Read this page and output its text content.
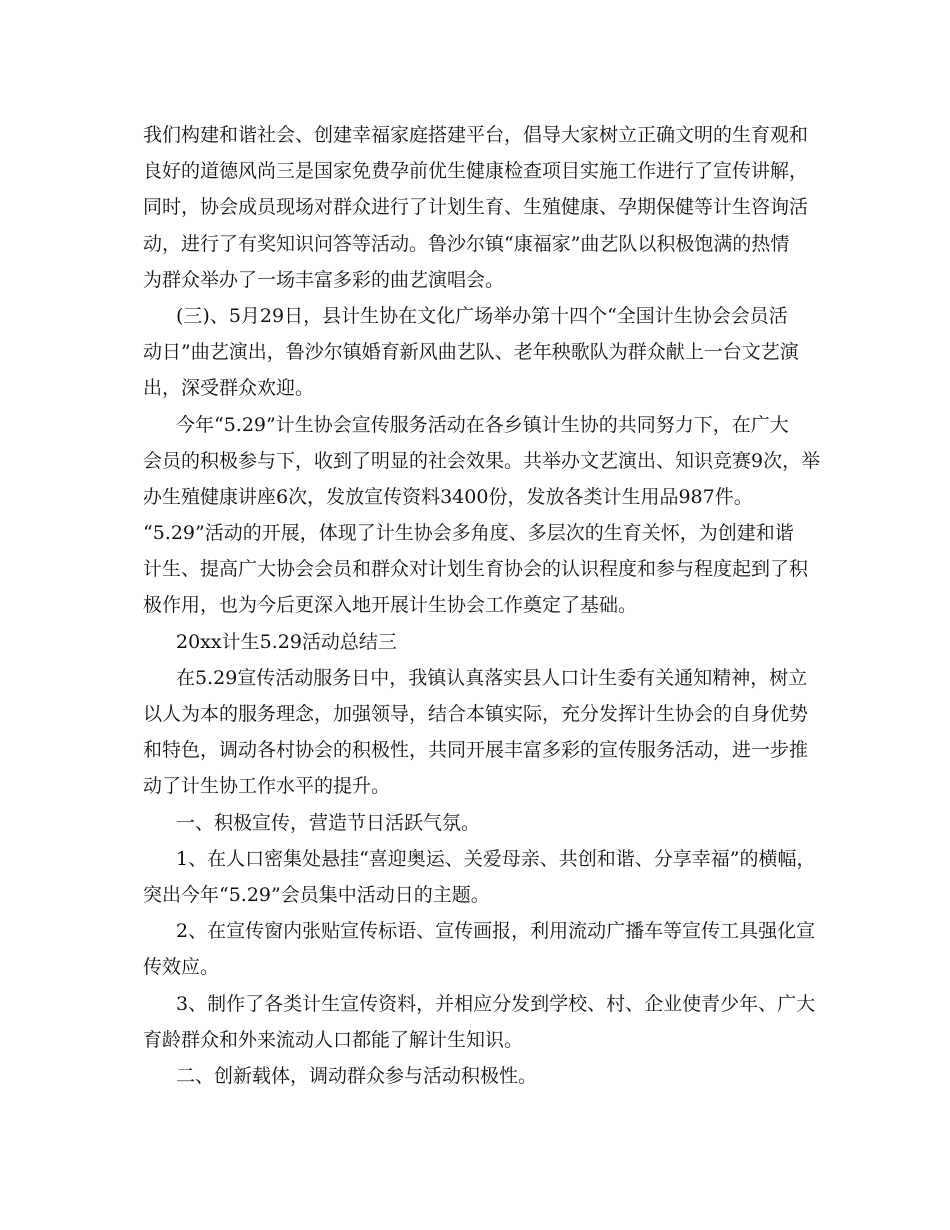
我们构建和谐社会、创建幸福家庭搭建平台，倡导大家树立正确文明的生育观和
良好的道德风尚三是国家免费孕前优生健康检查项目实施工作进行了宣传讲解，
同时，协会成员现场对群众进行了计划生育、生殖健康、孕期保健等计生咨询活
动，进行了有奖知识问答等活动。鲁沙尔镇“康福家”曲艺队以积极饱满的热情
为群众举办了一场丰富多彩的曲艺演唱会。
(三)、5月29日，县计生协在文化广场举办第十四个“全国计生协会会员活
动日”曲艺演出，鲁沙尔镇婚育新风曲艺队、老年秧歌队为群众献上一台文艺演
出，深受群众欢迎。
今年“5.29”计生协会宣传服务活动在各乡镇计生协的共同努力下，在广大
会员的积极参与下，收到了明显的社会效果。共举办文艺演出、知识竞赛9次，举
办生殖健康讲座6次，发放宣传资料3400份，发放各类计生用品987件。
“5.29”活动的开展，体现了计生协会多角度、多层次的生育关怀，为创建和谐
计生、提高广大协会会员和群众对计划生育协会的认识程度和参与程度起到了积
极作用，也为今后更深入地开展计生协会工作奠定了基础。
20xx计生5.29活动总结三
在5.29宣传活动服务日中，我镇认真落实县人口计生委有关通知精神，树立
以人为本的服务理念，加强领导，结合本镇实际，充分发挥计生协会的自身优势
和特色，调动各村协会的积极性，共同开展丰富多彩的宣传服务活动，进一步推
动了计生协工作水平的提升。
一、积极宣传，营造节日活跃气氛。
1、在人口密集处悬挂“喜迎奥运、关爱母亲、共创和谐、分享幸福”的横幅，
突出今年“5.29”会员集中活动日的主题。
2、在宣传窗内张贴宣传标语、宣传画报，利用流动广播车等宣传工具强化宣
传效应。
3、制作了各类计生宣传资料，并相应分发到学校、村、企业使青少年、广大
育龄群众和外来流动人口都能了解计生知识。
二、创新载体，调动群众参与活动积极性。
